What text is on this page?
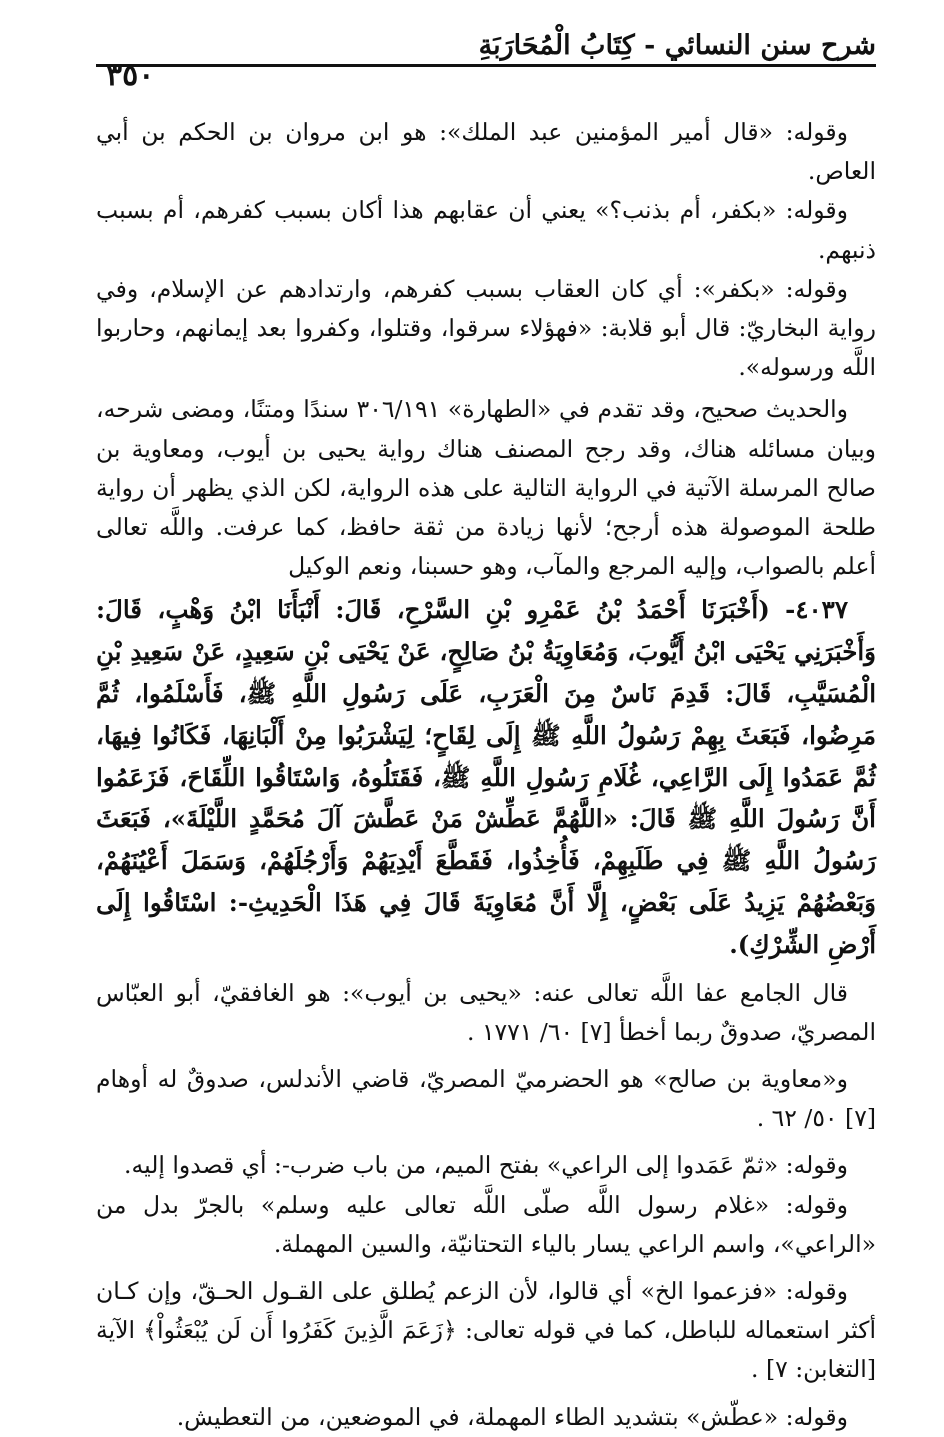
شرح سنن النسائي - كِتَابُ الْمُحَارَبَةِ
٣٥٠

وقوله: «قال أمير المؤمنين عبد الملك»: هو ابن مروان بن الحكم بن أبي العاص.

وقوله: «بكفر، أم بذنب؟» يعني أن عقابهم هذا أكان بسبب كفرهم، أم بسبب ذنبهم.

وقوله: «بكفر»: أي كان العقاب بسبب كفرهم، وارتدادهم عن الإسلام، وفي رواية البخاريّ: قال أبو قلابة: «فهؤلاء سرقوا، وقتلوا، وكفروا بعد إيمانهم، وحاربوا اللَّه ورسوله».

والحديث صحيح، وقد تقدم في «الطهارة» ٣٠٦/١٩١ سندًا ومتنًا، ومضى شرحه، وبيان مسائله هناك، وقد رجح المصنف هناك رواية يحيى بن أيوب، ومعاوية بن صالح المرسلة الآتية في الرواية التالية على هذه الرواية، لكن الذي يظهر أن رواية طلحة الموصولة هذه أرجح؛ لأنها زيادة من ثقة حافظ، كما عرفت. واللَّه تعالى أعلم بالصواب، وإليه المرجع والمآب، وهو حسبنا، ونعم الوكيل

٤٠٣٧- (أَخْبَرَنَا أَحْمَدُ بْنُ عَمْرِو بْنِ السَّرْحِ، قَالَ: أَنْبَأَنَا ابْنُ وَهْبٍ، قَالَ: وَأَخْبَرَنِي يَحْيَى ابْنُ أَيُّوبَ، وَمُعَاوِيَةُ بْنُ صَالِحٍ، عَنْ يَحْيَى بْنِ سَعِيدٍ، عَنْ سَعِيدِ بْنِ الْمُسَيَّبِ، قَالَ: قَدِمَ نَاسٌ مِنَ الْعَرَبِ، عَلَى رَسُولِ اللَّهِ ﷺ، فَأَسْلَمُوا، ثُمَّ مَرِضُوا، فَبَعَثَ بِهِمْ رَسُولُ اللَّهِ ﷺ إِلَى لِقَاحٍ؛ لِيَشْرَبُوا مِنْ أَلْبَانِهَا، فَكَانُوا فِيهَا، ثُمَّ عَمَدُوا إِلَى الرَّاعِي، غُلَامِ رَسُولِ اللَّهِ ﷺ، فَقَتَلُوهُ، وَاسْتَاقُوا اللِّقَاحَ، فَزَعَمُوا أَنَّ رَسُولَ اللَّهِ ﷺ قَالَ: «اللَّهُمَّ عَطِّشْ مَنْ عَطَّشَ آلَ مُحَمَّدٍ اللَّيْلَةَ»، فَبَعَثَ رَسُولُ اللَّهِ ﷺ فِي طَلَبِهِمْ، فَأُخِذُوا، فَقَطَّعَ أَيْدِيَهُمْ وَأَرْجُلَهُمْ، وَسَمَلَ أَعْيُنَهُمْ، وَبَعْضُهُمْ يَزِيدُ عَلَى بَعْضٍ، إِلَّا أَنَّ مُعَاوِيَةَ قَالَ فِي هَذَا الْحَدِيثِ-: اسْتَاقُوا إِلَى أَرْضِ الشِّرْكِ).

قال الجامع عفا اللَّه تعالى عنه: «يحيى بن أيوب»: هو الغافقيّ، أبو العبّاس المصريّ، صدوقٌ ربما أخطأ [٧] ٦٠/ ١٧٧١ .

و«معاوية بن صالح» هو الحضرميّ المصريّ، قاضي الأندلس، صدوقٌ له أوهام [٧] ٥٠/ ٦٢ .

وقوله: «ثمّ عَمَدوا إلى الراعي» بفتح الميم، من باب ضرب-: أي قصدوا إليه.

وقوله: «غلام رسول اللَّه صلّى اللَّه تعالى عليه وسلم» بالجرّ بدل من «الراعي»، واسم الراعي يسار بالياء التحتانيّة، والسين المهملة.

وقوله: «فزعموا الخ» أي قالوا، لأن الزعم يُطلق على القـول الحـقّ، وإن كـان أكثر استعماله للباطل، كما في قوله تعالى: ﴿زَعَمَ الَّذِينَ كَفَرُوا أَن لَن يُبْعَثُواْ﴾ الآية [التغابن: ٧] .

وقوله: «عطّش» بتشديد الطاء المهملة، في الموضعين، من التعطيش.
